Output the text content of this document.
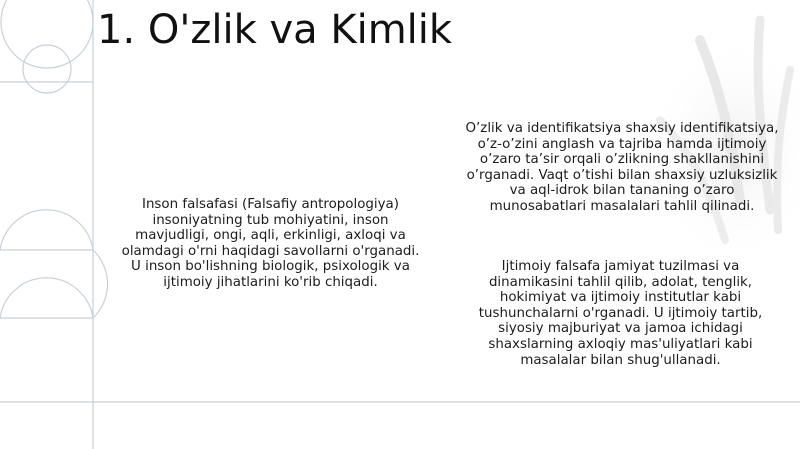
1. O'zlik va Kimlik
Inson falsafasi (Falsafiy antropologiya)
insoniyatning tub mohiyatini, inson
mavjudligi, ongi, aqli, erkinligi, axloqi va
olamdagi o'rni haqidagi savollarni o'rganadi.
U inson bo'lishning biologik, psixologik va
ijtimoiy jihatlarini ko'rib chiqadi.
O’zlik va identifikatsiya shaxsiy identifikatsiya,
o’z-o’zini anglash va tajriba hamda ijtimoiy
o’zaro ta’sir orqali o’zlikning shakllanishini
o’rganadi. Vaqt o’tishi bilan shaxsiy uzluksizlik
va aql-idrok bilan tananing o’zaro
munosabatlari masalalari tahlil qilinadi.
Ijtimoiy falsafa jamiyat tuzilmasi va
dinamikasini tahlil qilib, adolat, tenglik,
hokimiyat va ijtimoiy institutlar kabi
tushunchalarni o'rganadi. U ijtimoiy tartib,
siyosiy majburiyat va jamoa ichidagi
shaxslarning axloqiy mas'uliyatlari kabi
masalalar bilan shug'ullanadi.
